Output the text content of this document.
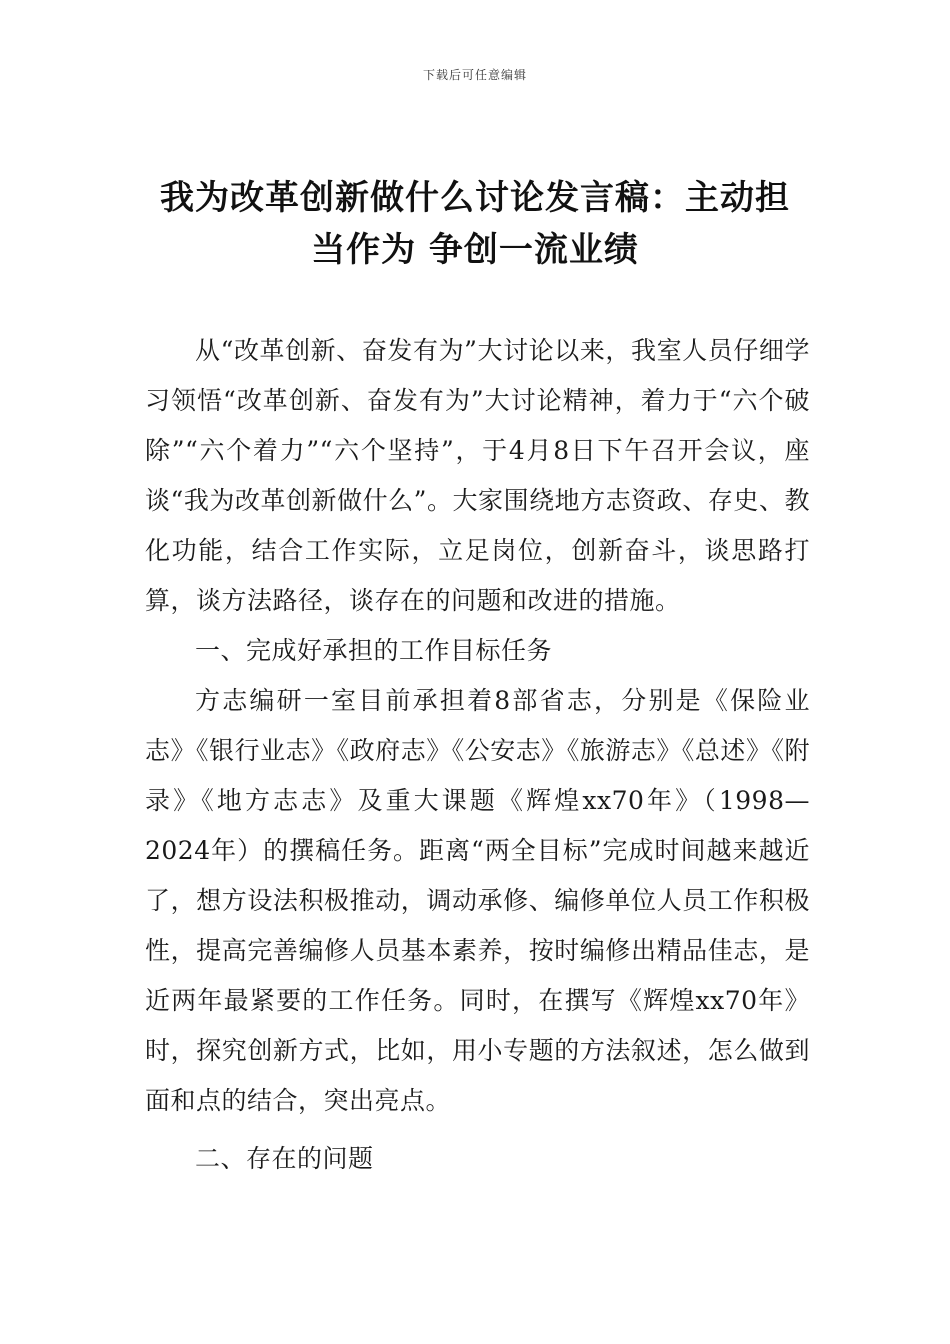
下载后可任意编辑
我为改革创新做什么讨论发言稿：主动担
当作为 争创一流业绩

从“改革创新、奋发有为”大讨论以来，我室人员仔细学习领悟“改革创新、奋发有为”大讨论精神，着力于“六个破除”“六个着力”“六个坚持”，于4月8日下午召开会议，座谈“我为改革创新做什么”。大家围绕地方志资政、存史、教化功能，结合工作实际，立足岗位，创新奋斗，谈思路打算，谈方法路径，谈存在的问题和改进的措施。

一、完成好承担的工作目标任务

方志编研一室目前承担着8部省志，分别是《保险业志》《银行业志》《政府志》《公安志》《旅游志》《总述》《附录》《地方志志》及重大课题《辉煌xx70年》（1998—2024年）的撰稿任务。距离“两全目标”完成时间越来越近了，想方设法积极推动，调动承修、编修单位人员工作积极性，提高完善编修人员基本素养，按时编修出精品佳志，是近两年最紧要的工作任务。同时，在撰写《辉煌xx70年》时，探究创新方式，比如，用小专题的方法叙述，怎么做到面和点的结合，突出亮点。

二、存在的问题
